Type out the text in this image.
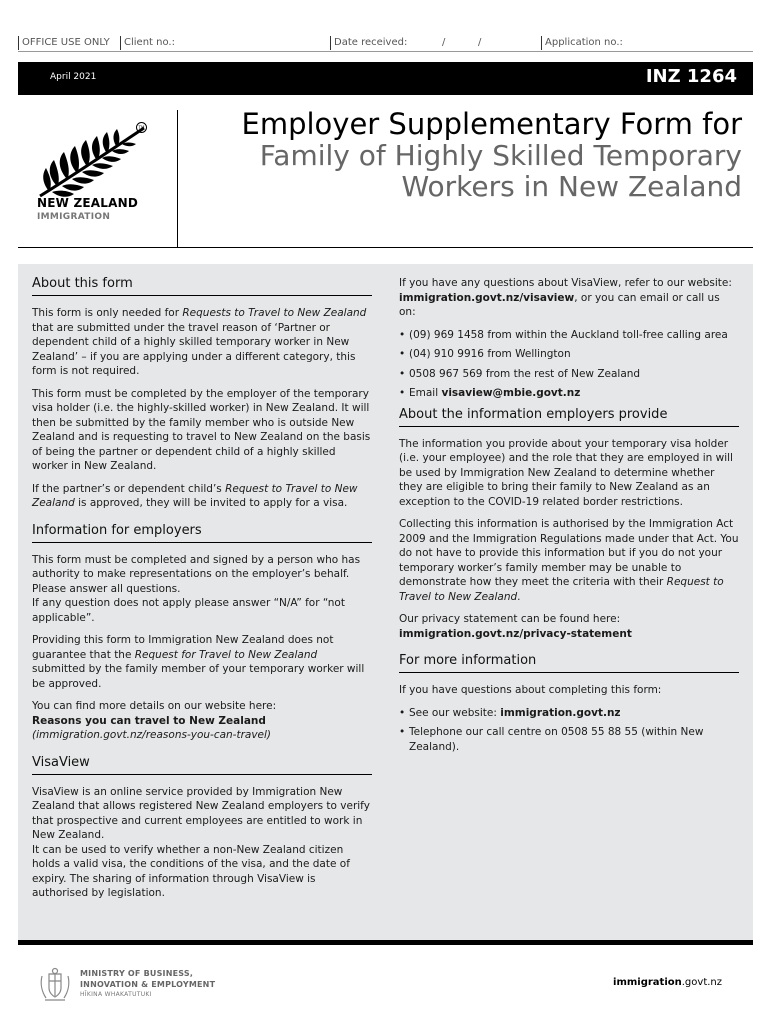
OFFICE USE ONLY	Client no.:	Date received:	/	/	Application no.:
April 2021	INZ 1264
TM
NEW ZEALAND
IMMIGRATION
Employer Supplementary Form for
Family of Highly Skilled Temporary
Workers in New Zealand
About this form

This form is only needed for Requests to Travel to New Zealand that are submitted under the travel reason of ‘Partner or dependent child of a highly skilled temporary worker in New Zealand’ – if you are applying under a different category, this form is not required.

This form must be completed by the employer of the temporary visa holder (i.e. the highly-skilled worker) in New Zealand. It will then be submitted by the family member who is outside New Zealand and is requesting to travel to New Zealand on the basis of being the partner or dependent child of a highly skilled worker in New Zealand.

If the partner’s or dependent child’s Request to Travel to New Zealand is approved, they will be invited to apply for a visa.

Information for employers

This form must be completed and signed by a person who has authority to make representations on the employer’s behalf. Please answer all questions.
If any question does not apply please answer “N/A” for “not applicable”.

Providing this form to Immigration New Zealand does not guarantee that the Request for Travel to New Zealand submitted by the family member of your temporary worker will be approved.

You can find more details on our website here:
Reasons you can travel to New Zealand
(immigration.govt.nz/reasons-you-can-travel)

VisaView

VisaView is an online service provided by Immigration New Zealand that allows registered New Zealand employers to verify that prospective and current employees are entitled to work in New Zealand.
It can be used to verify whether a non-New Zealand citizen holds a valid visa, the conditions of the visa, and the date of expiry. The sharing of information through VisaView is authorised by legislation.

If you have any questions about VisaView, refer to our website: immigration.govt.nz/visaview, or you can email or call us on:

• (09) 969 1458 from within the Auckland toll-free calling area
• (04) 910 9916 from Wellington
• 0508 967 569 from the rest of New Zealand
• Email visaview@mbie.govt.nz
About the information employers provide

The information you provide about your temporary visa holder (i.e. your employee) and the role that they are employed in will be used by Immigration New Zealand to determine whether they are eligible to bring their family to New Zealand as an exception to the COVID-19 related border restrictions.

Collecting this information is authorised by the Immigration Act 2009 and the Immigration Regulations made under that Act. You do not have to provide this information but if you do not your temporary worker’s family member may be unable to demonstrate how they meet the criteria with their Request to Travel to New Zealand.

Our privacy statement can be found here:
immigration.govt.nz/privacy-statement

For more information

If you have questions about completing this form:

• See our website: immigration.govt.nz
• Telephone our call centre on 0508 55 88 55 (within New Zealand).
MINISTRY OF BUSINESS,
INNOVATION & EMPLOYMENT
HĪKINA WHAKATUTUKI
immigration.govt.nz
